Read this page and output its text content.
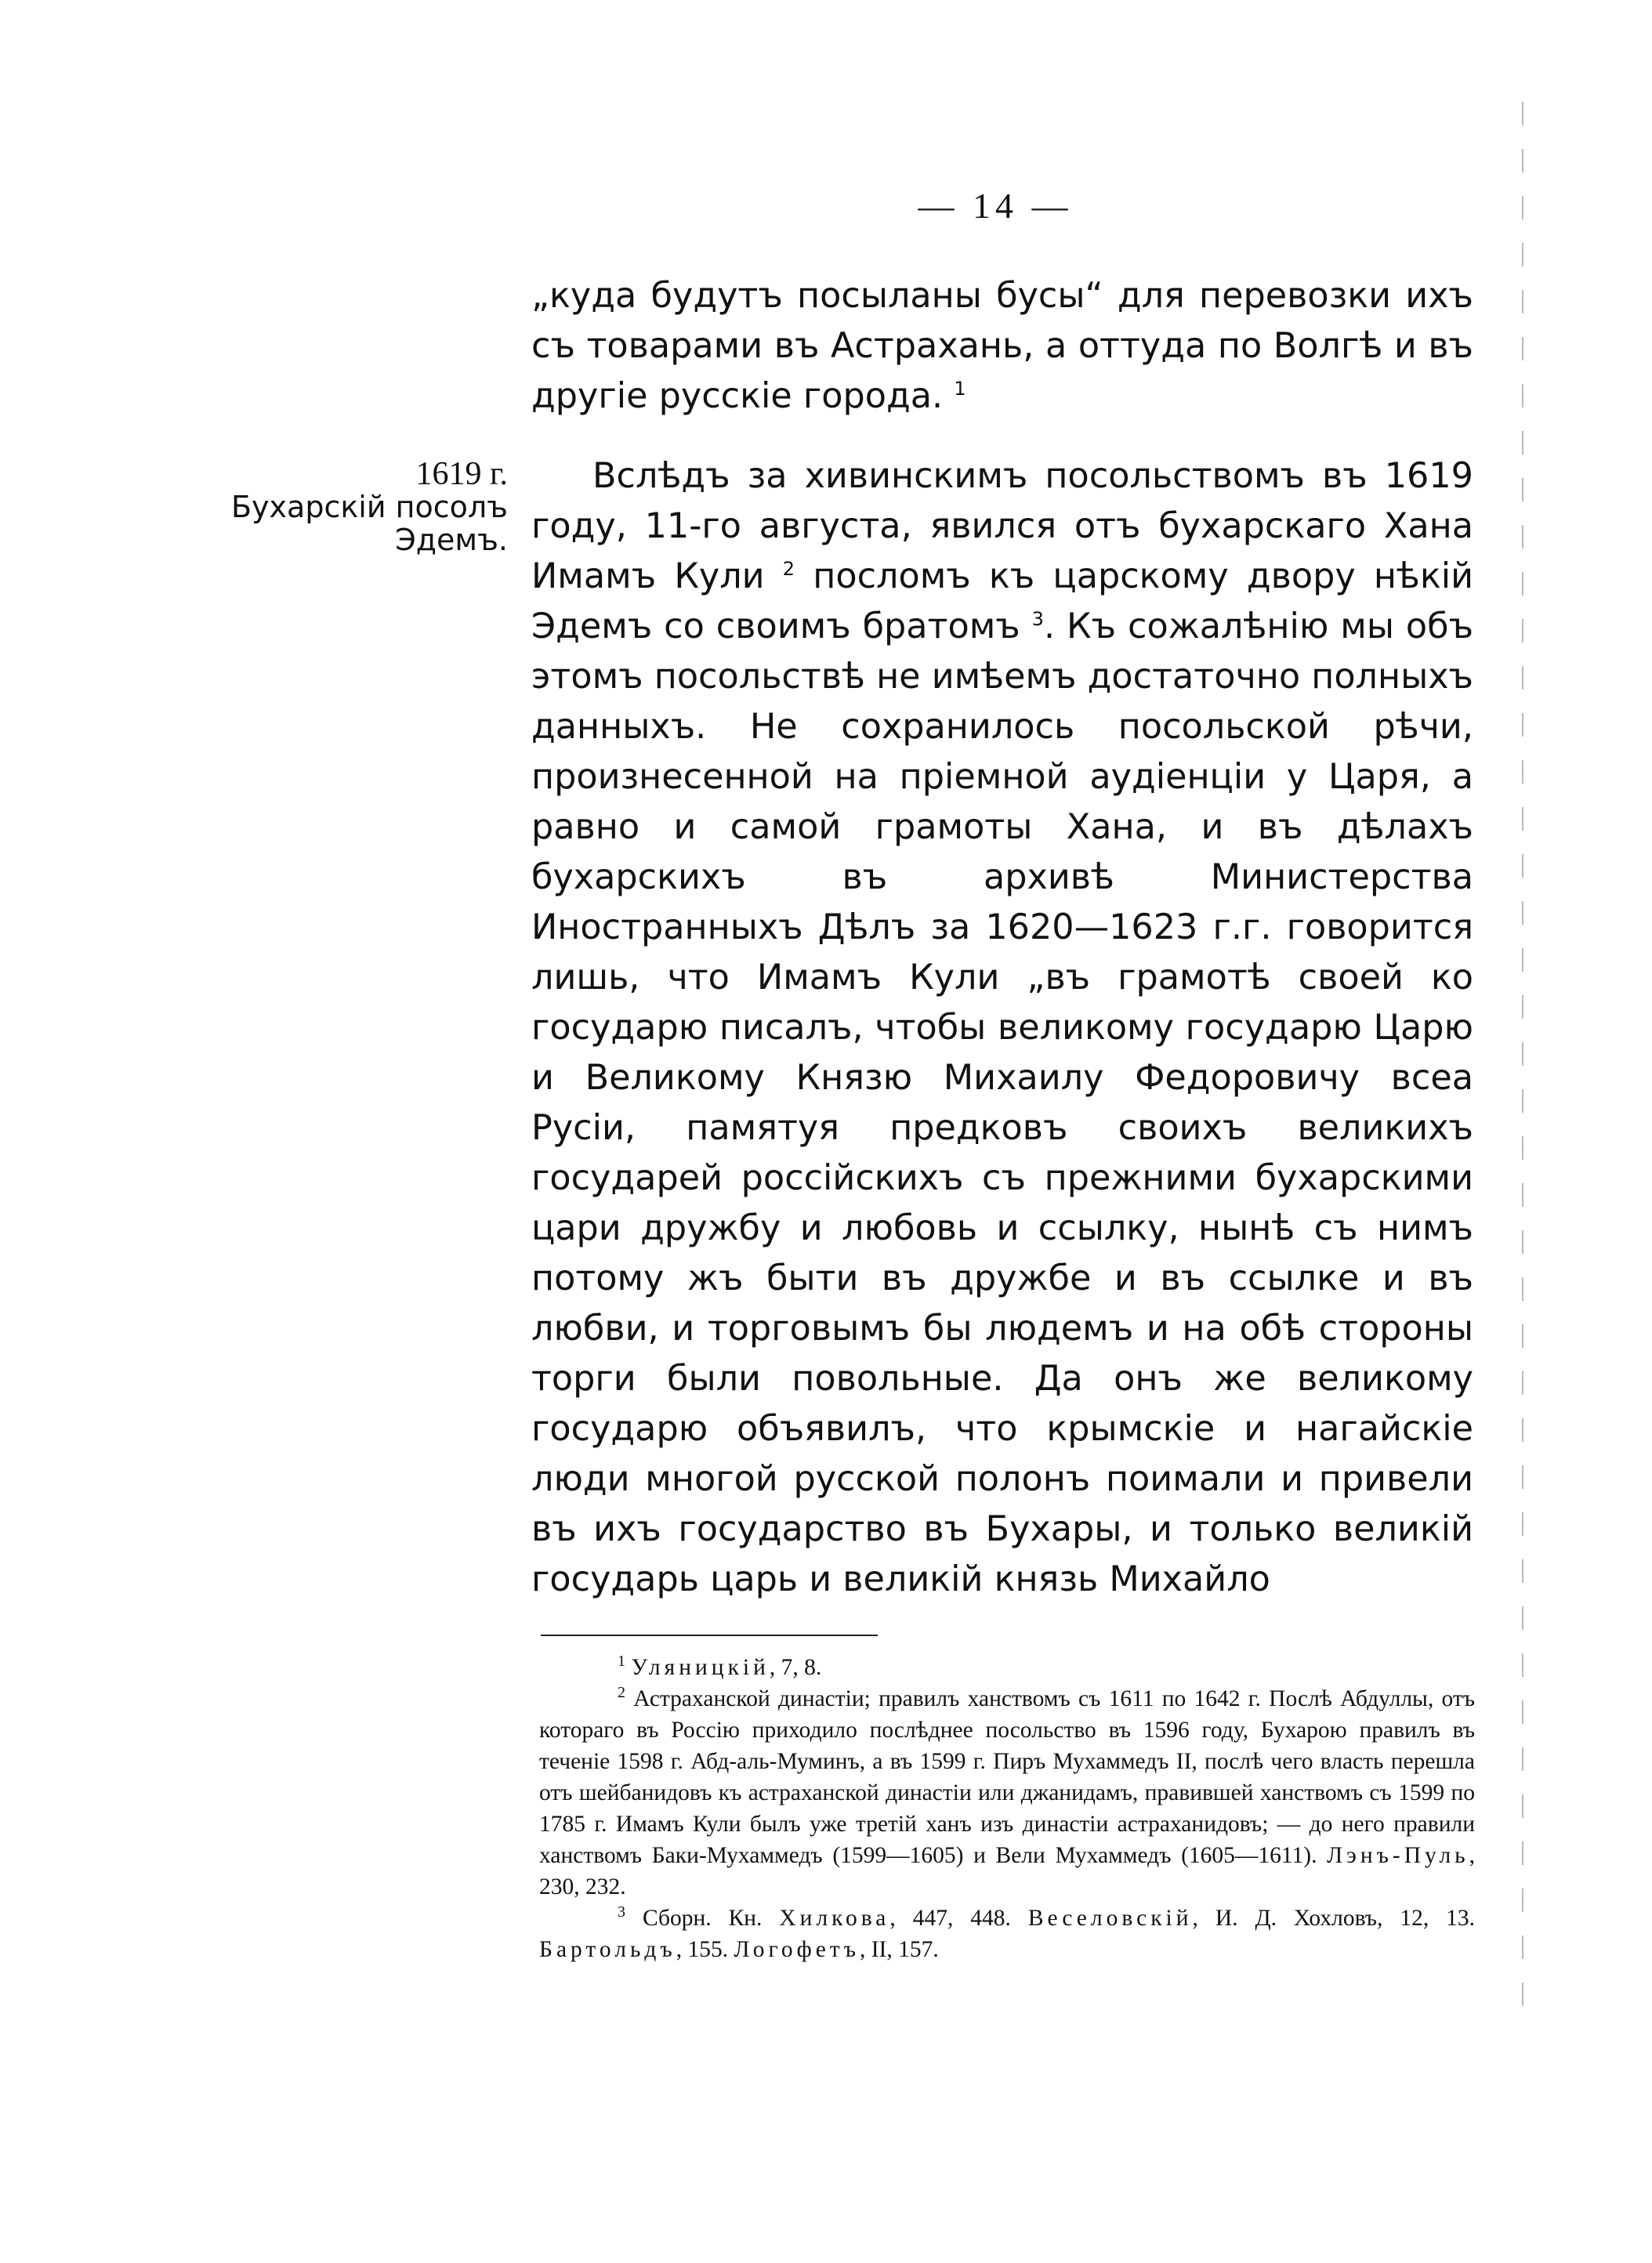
— 14 —

„куда будутъ посыланы бусы“ для перевозки ихъ съ товарами въ Астрахань, а оттуда по Волгѣ и въ другіе русскіе города. $^1$

1619 г.
Бухарскій посолъ
Эдемъ.

Вслѣдъ за хивинскимъ посольствомъ въ 1619 году, 11-го августа, явился отъ бухарскаго Хана Имамъ Кули $^2$ посломъ къ царскому двору нѣкій Эдемъ со своимъ братомъ $^3$. Къ сожалѣнію мы объ этомъ посольствѣ не имѣемъ достаточно полныхъ данныхъ. Не сохранилось посольской рѣчи, произнесенной на пріемной аудіенціи у Царя, а равно и самой грамоты Хана, и въ дѣлахъ бухарскихъ въ архивѣ Министерства Иностранныхъ Дѣлъ за 1620—1623 г.г. говорится лишь, что Имамъ Кули „въ грамотѣ своей ко государю писалъ, чтобы великому государю Царю и Великому Князю Михаилу Федоровичу всеа Русіи, памятуя предковъ своихъ великихъ государей россійскихъ съ прежними бухарскими цари дружбу и любовь и ссылку, нынѣ съ нимъ потому жъ быти въ дружбе и въ ссылке и въ любви, и торговымъ бы людемъ и на обѣ стороны торги были повольные. Да онъ же великому государю объявилъ, что крымскіе и нагайскіе люди многой русской полонъ поимали и привели въ ихъ государство въ Бухары, и только великій государь царь и великій князь Михайло

$^1$ Уляницкій, 7, 8.

$^2$ Астраханской династіи; правилъ ханствомъ съ 1611 по 1642 г. Послѣ Абдуллы, отъ котораго въ Россію приходило послѣднее посольство въ 1596 году, Бухарою правилъ въ теченіе 1598 г. Абд-аль-Муминъ, а въ 1599 г. Пиръ Мухаммедъ II, послѣ чего власть перешла отъ шейбанидовъ къ астраханской династіи или джанидамъ, правившей ханствомъ съ 1599 по 1785 г. Имамъ Кули былъ уже третій ханъ изъ династіи астраханидовъ; — до него правили ханствомъ Баки-Мухаммедъ (1599—1605) и Вели Мухаммедъ (1605—1611). Лэнъ-Пуль, 230, 232.

$^3$ Сборн. Кн. Хилкова, 447, 448. Веселовскій, И. Д. Хохловъ, 12, 13. Бартольдъ, 155. Логофетъ, II, 157.
